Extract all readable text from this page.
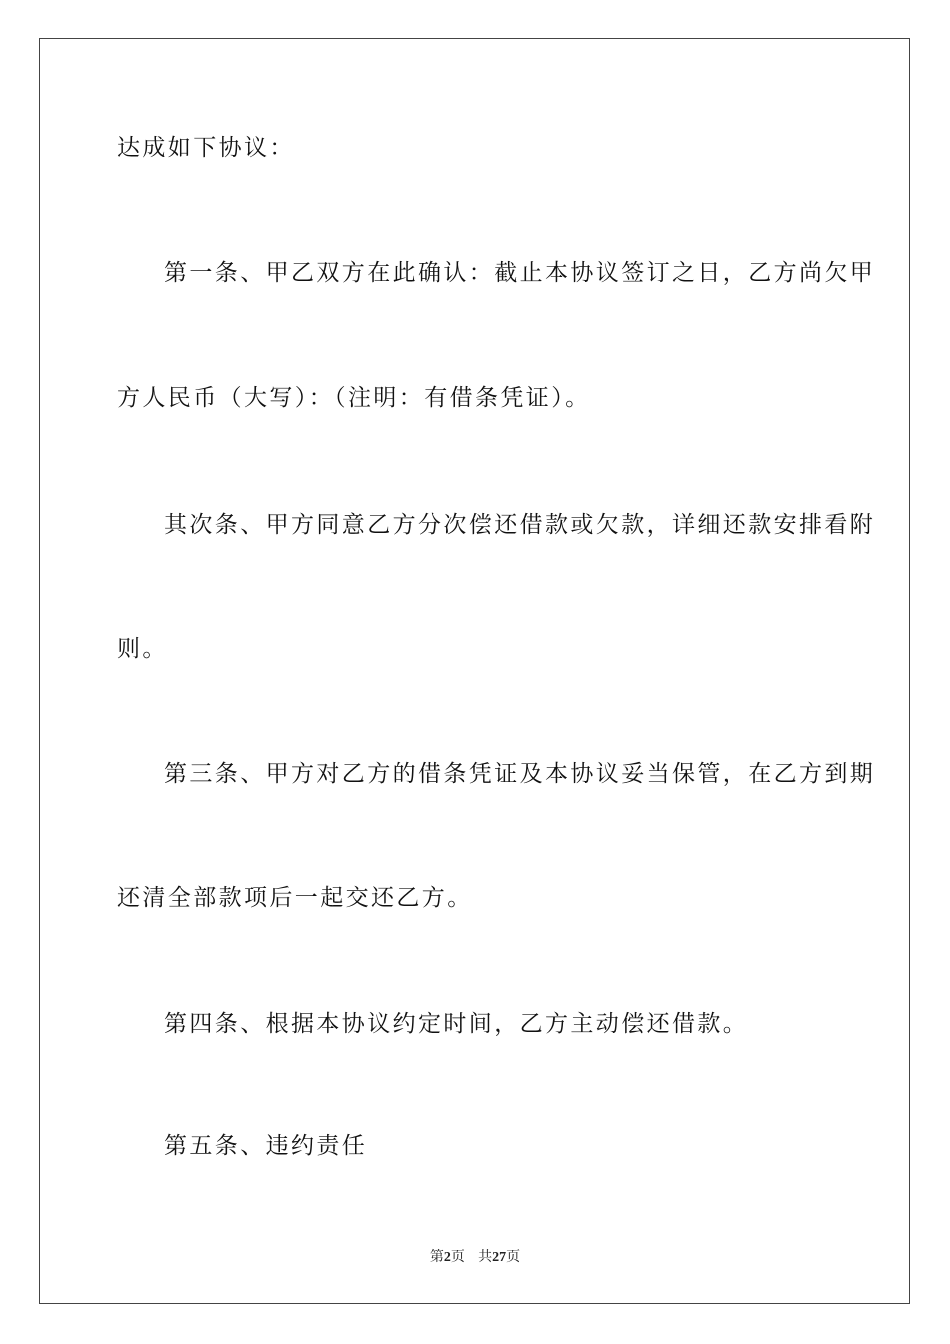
达成如下协议：
第一条、甲乙双方在此确认：截止本协议签订之日，乙方尚欠甲
方人民币（大写）：（注明：有借条凭证）。
其次条、甲方同意乙方分次偿还借款或欠款，详细还款安排看附
则。
第三条、甲方对乙方的借条凭证及本协议妥当保管，在乙方到期
还清全部款项后一起交还乙方。
第四条、根据本协议约定时间，乙方主动偿还借款。
第五条、违约责任
第2页 共27页
